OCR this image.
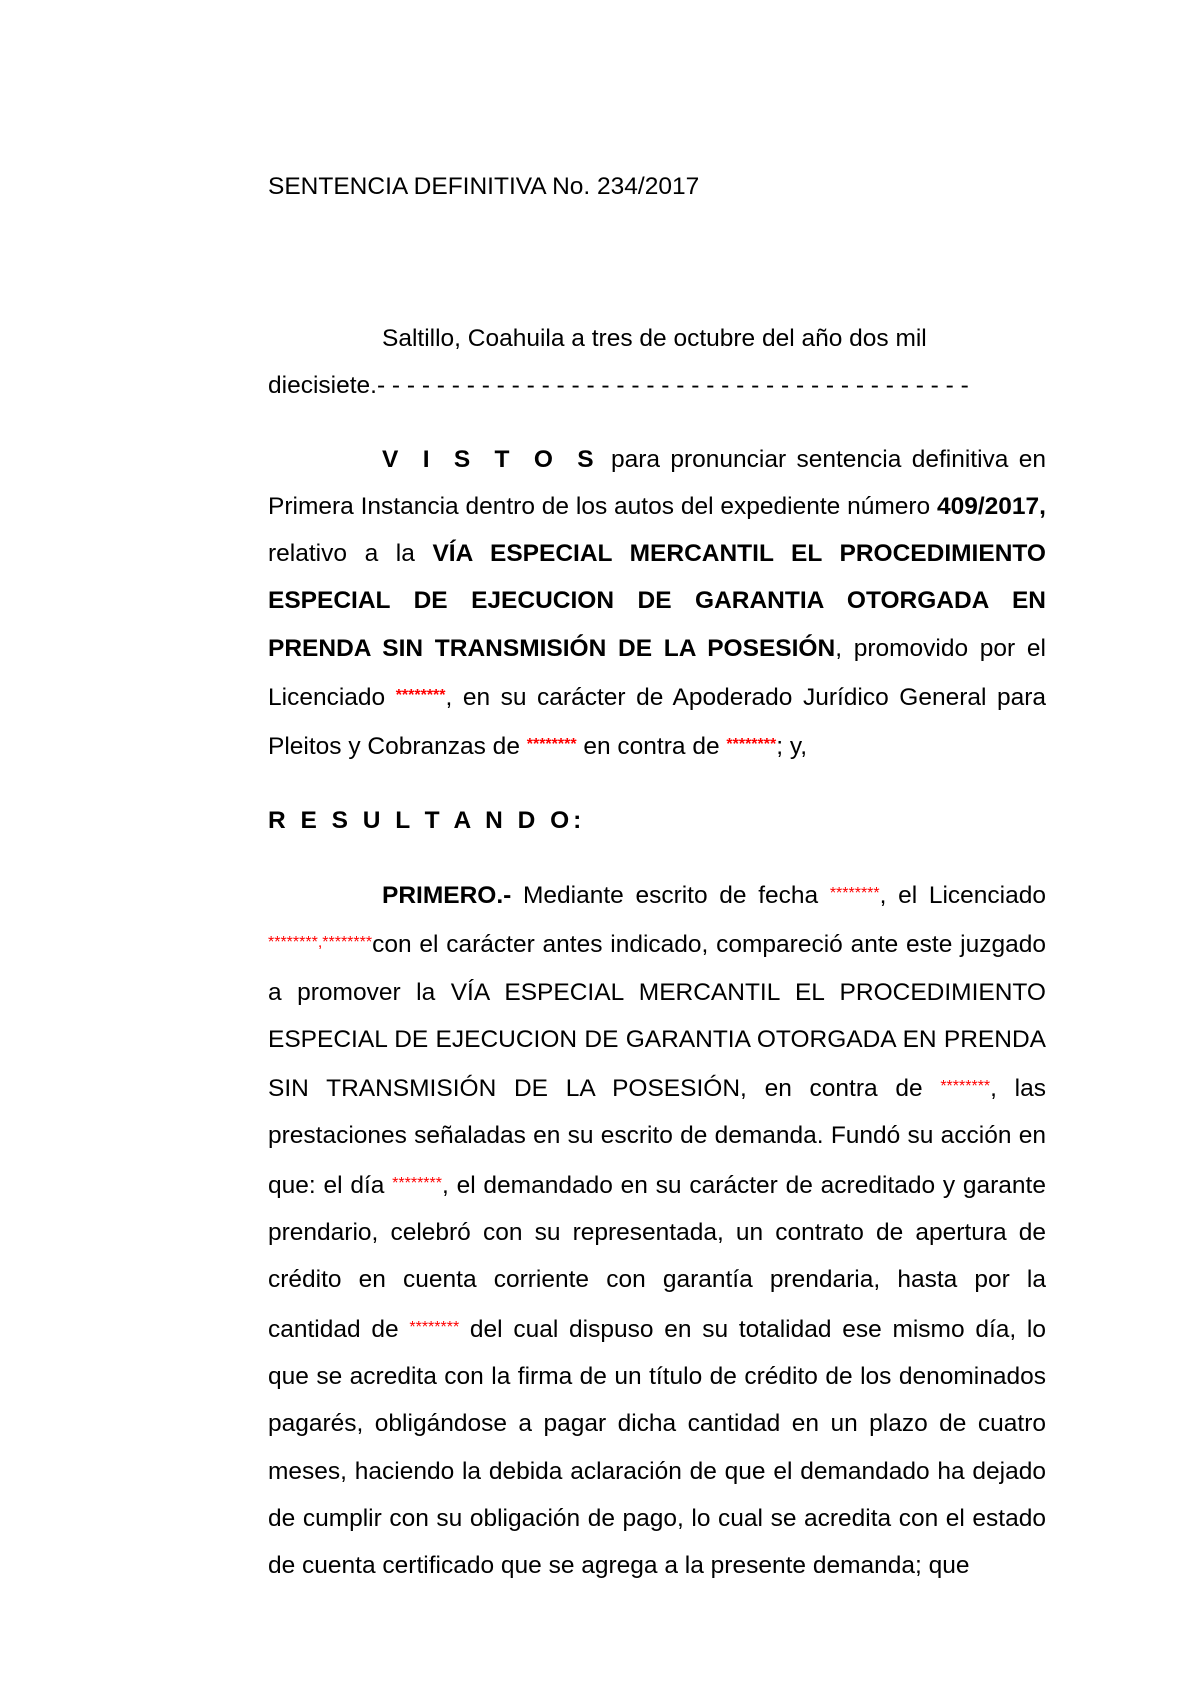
SENTENCIA DEFINITIVA No. 234/2017

Saltillo, Coahuila a tres de octubre del año dos mil
diecisiete.- - - - - - - - - - - - - - - - - - - - - - - - - - - - - - - - - - - - - - - -

V I S T O S para pronunciar sentencia definitiva en Primera Instancia dentro de los autos del expediente número 409/2017, relativo a la VÍA ESPECIAL MERCANTIL EL PROCEDIMIENTO ESPECIAL DE EJECUCION DE GARANTIA OTORGADA EN PRENDA SIN TRANSMISIÓN DE LA POSESIÓN, promovido por el Licenciado ********, en su carácter de Apoderado Jurídico General para Pleitos y Cobranzas de ******** en contra de ********; y,

R E S U L T A N D O:

PRIMERO.- Mediante escrito de fecha ********, el Licenciado ********,********con el carácter antes indicado, compareció ante este juzgado a promover la VÍA ESPECIAL MERCANTIL EL PROCEDIMIENTO ESPECIAL DE EJECUCION DE GARANTIA OTORGADA EN PRENDA SIN TRANSMISIÓN DE LA POSESIÓN, en contra de ********, las prestaciones señaladas en su escrito de demanda. Fundó su acción en que: el día ********, el demandado en su carácter de acreditado y garante prendario, celebró con su representada, un contrato de apertura de crédito en cuenta corriente con garantía prendaria, hasta por la cantidad de ******** del cual dispuso en su totalidad ese mismo día, lo que se acredita con la firma de un título de crédito de los denominados pagarés, obligándose a pagar dicha cantidad en un plazo de cuatro meses, haciendo la debida aclaración de que el demandado ha dejado de cumplir con su obligación de pago, lo cual se acredita con el estado de cuenta certificado que se agrega a la presente demanda; que
